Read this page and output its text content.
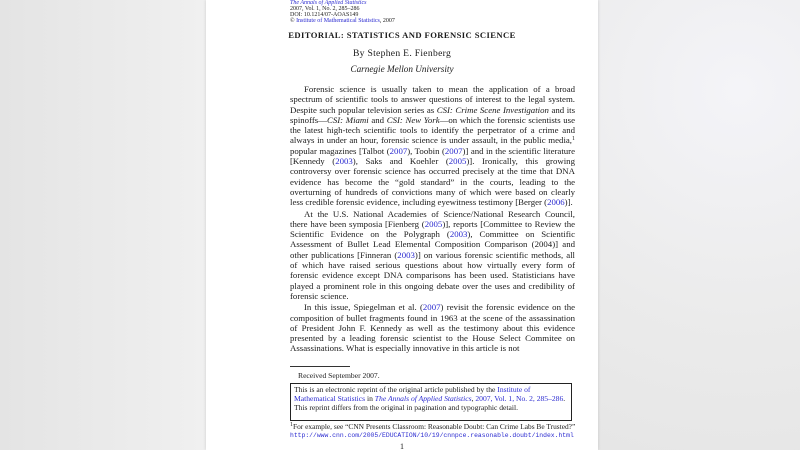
The Annals of Applied Statistics
2007, Vol. 1, No. 2, 285–286
DOI: 10.1214/07-AOAS149
© Institute of Mathematical Statistics, 2007
EDITORIAL: STATISTICS AND FORENSIC SCIENCE
By Stephen E. Fienberg
Carnegie Mellon University

Forensic science is usually taken to mean the application of a broad spectrum of scientific tools to answer questions of interest to the legal system. Despite such popular television series as CSI: Crime Scene Investigation and its spinoffs—CSI: Miami and CSI: New York—on which the forensic scientists use the latest high-tech scientific tools to identify the perpetrator of a crime and always in under an hour, forensic science is under assault, in the public media,$^1$ popular magazines [Talbot (2007), Toobin (2007)] and in the scientific literature [Kennedy (2003), Saks and Koehler (2005)]. Ironically, this growing controversy over forensic science has occurred precisely at the time that DNA evidence has become the “gold standard” in the courts, leading to the overturning of hundreds of convictions many of which were based on clearly less credible forensic evidence, including eyewitness testimony [Berger (2006)].

At the U.S. National Academies of Science/National Research Council, there have been symposia [Fienberg (2005)], reports [Committee to Review the Scientific Evidence on the Polygraph (2003), Committee on Scientific Assessment of Bullet Lead Elemental Composition Comparison (2004)] and other publications [Finneran (2003)] on various forensic scientific methods, all of which have raised serious questions about how virtually every form of forensic evidence except DNA comparisons has been used. Statisticians have played a prominent role in this ongoing debate over the uses and credibility of forensic science.

In this issue, Spiegelman et al. (2007) revisit the forensic evidence on the composition of bullet fragments found in 1963 at the scene of the assassination of President John F. Kennedy as well as the testimony about this evidence presented by a leading forensic scientist to the House Select Commitee on Assassinations. What is especially innovative in this article is not

Received September 2007.
This is an electronic reprint of the original article published by the Institute of Mathematical Statistics in The Annals of Applied Statistics, 2007, Vol. 1, No. 2, 285–286. This reprint differs from the original in pagination and typographic detail.
$^1$For example, see “CNN Presents Classroom: Reasonable Doubt: Can Crime Labs Be Trusted?” http://www.cnn.com/2005/EDUCATION/10/19/cnnpce.reasonable.doubt/index.html
1
